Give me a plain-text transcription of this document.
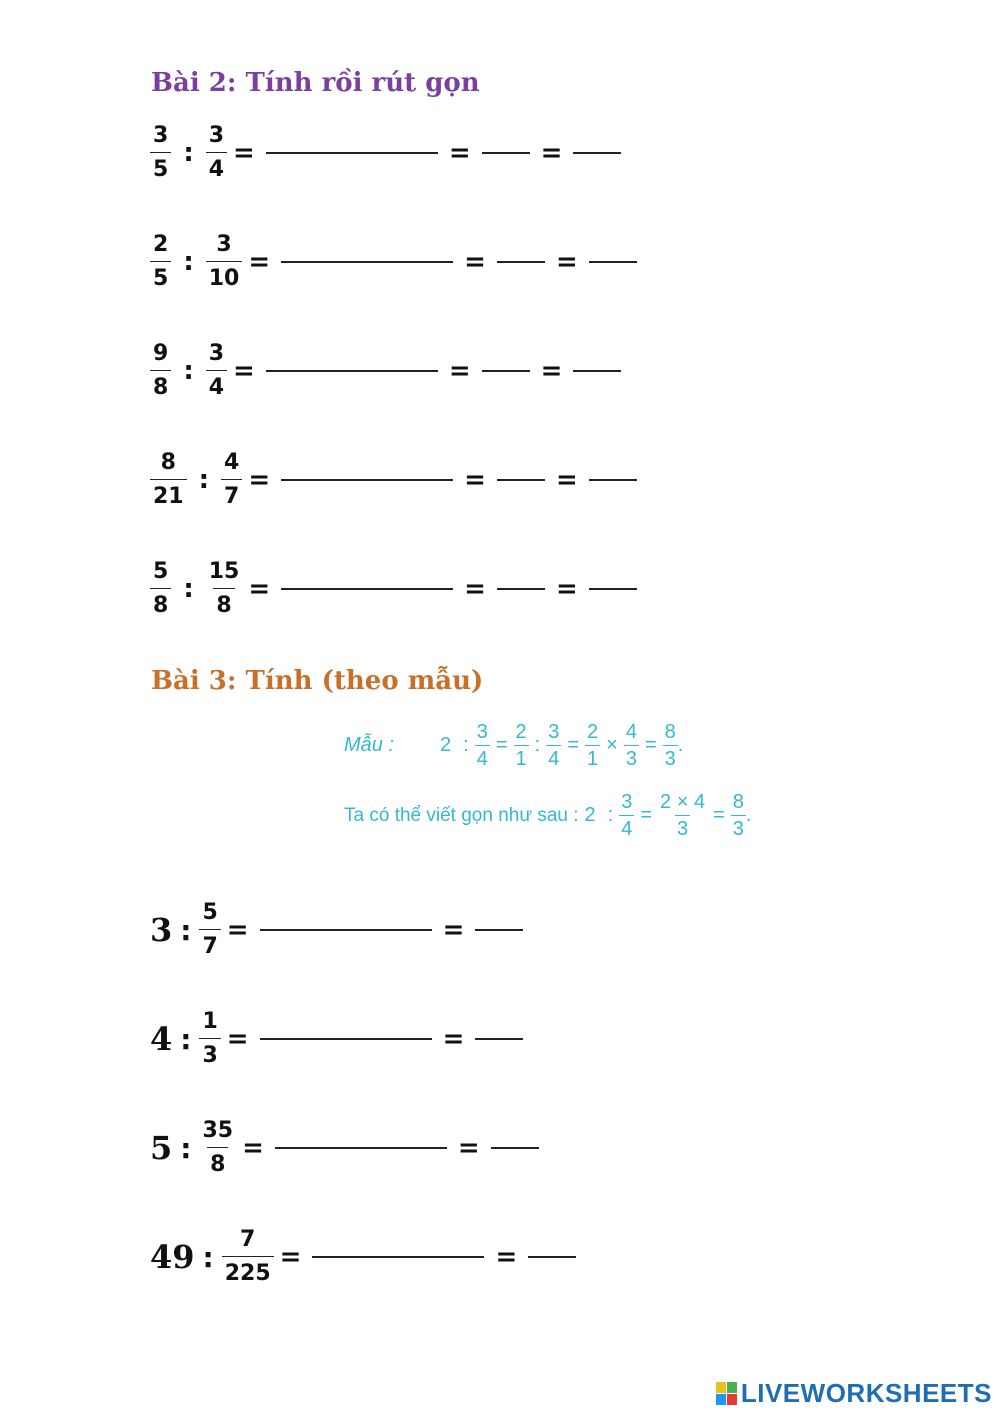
Bài 2: Tính rồi rút gọn
$\frac{3}{5}$ : $\frac{3}{4}$ =	=	=
$\frac{2}{5}$ : $\frac{3}{10}$ =	=	=
$\frac{9}{8}$ : $\frac{3}{4}$ =	=	=
$\frac{8}{21}$ : $\frac{4}{7}$ =	=	=
$\frac{5}{8}$ : $\frac{15}{8}$ =	=	=
Bài 3: Tính (theo mẫu)
Mẫu : 2 : $\frac{3}{4} = \frac{2}{1}$ : $\frac{3}{4} = \frac{2}{1} \times \frac{4}{3} = \frac{8}{3}$ .
Ta có thể viết gọn như sau : 2 : $\frac{3}{4} = \frac{2 \times 4}{3} = \frac{8}{3}$ .
3 : $\frac{5}{7}$ =	=
4 : $\frac{1}{3}$ =	=
5 : $\frac{35}{8}$ =	=
49 : $\frac{7}{225}$ =	=
LIVEWORKSHEETS
